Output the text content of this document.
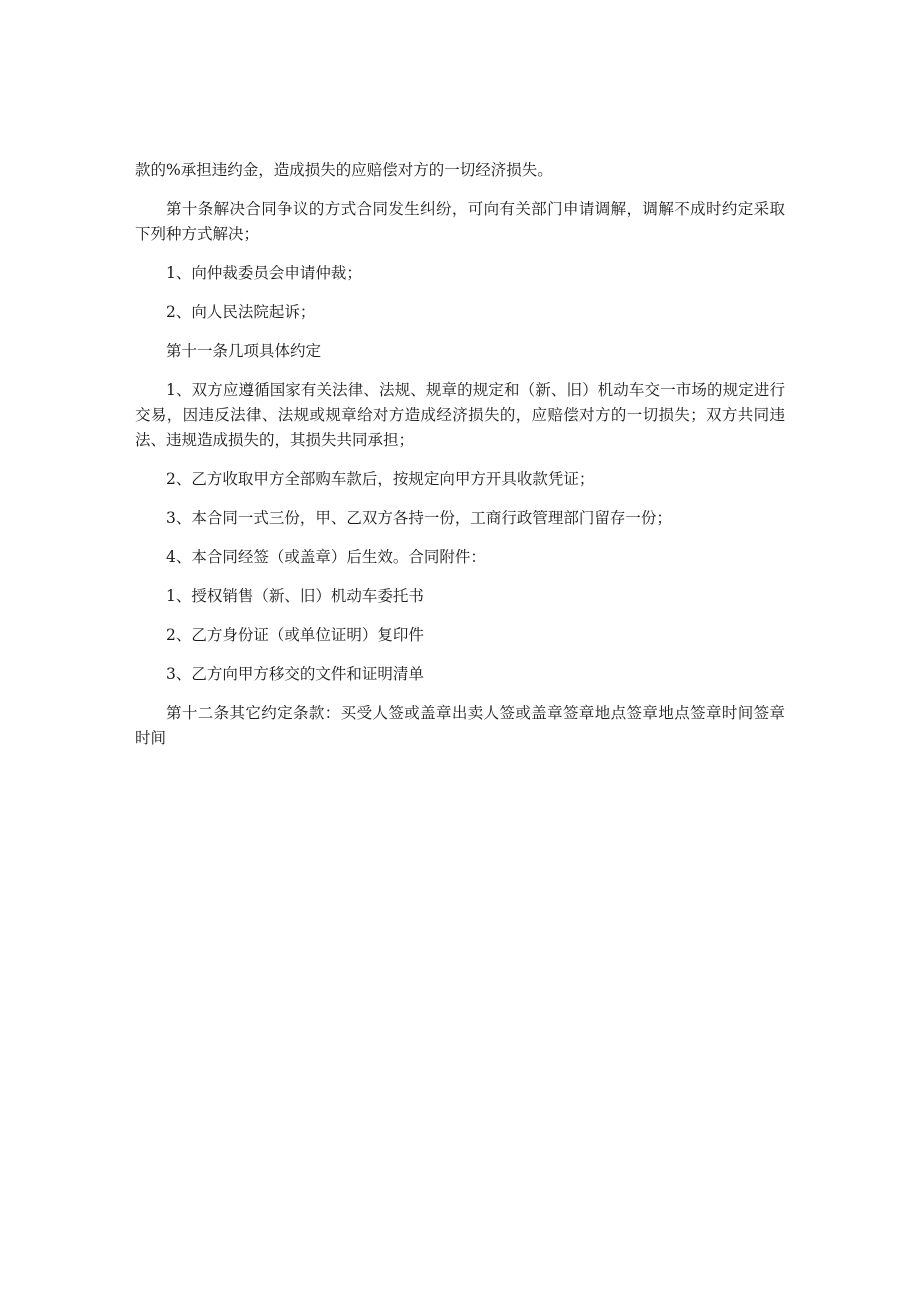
款的%承担违约金，造成损失的应赔偿对方的一切经济损失。

第十条解决合同争议的方式合同发生纠纷，可向有关部门申请调解，调解不成时约定采取下列种方式解决；

1、向仲裁委员会申请仲裁；

2、向人民法院起诉；

第十一条几项具体约定

1、双方应遵循国家有关法律、法规、规章的规定和（新、旧）机动车交一市场的规定进行交易，因违反法律、法规或规章给对方造成经济损失的，应赔偿对方的一切损失；双方共同违法、违规造成损失的，其损失共同承担；

2、乙方收取甲方全部购车款后，按规定向甲方开具收款凭证；

3、本合同一式三份，甲、乙双方各持一份，工商行政管理部门留存一份；

4、本合同经签（或盖章）后生效。合同附件：

1、授权销售（新、旧）机动车委托书

2、乙方身份证（或单位证明）复印件

3、乙方向甲方移交的文件和证明清单

第十二条其它约定条款：买受人签或盖章出卖人签或盖章签章地点签章地点签章时间签章时间
